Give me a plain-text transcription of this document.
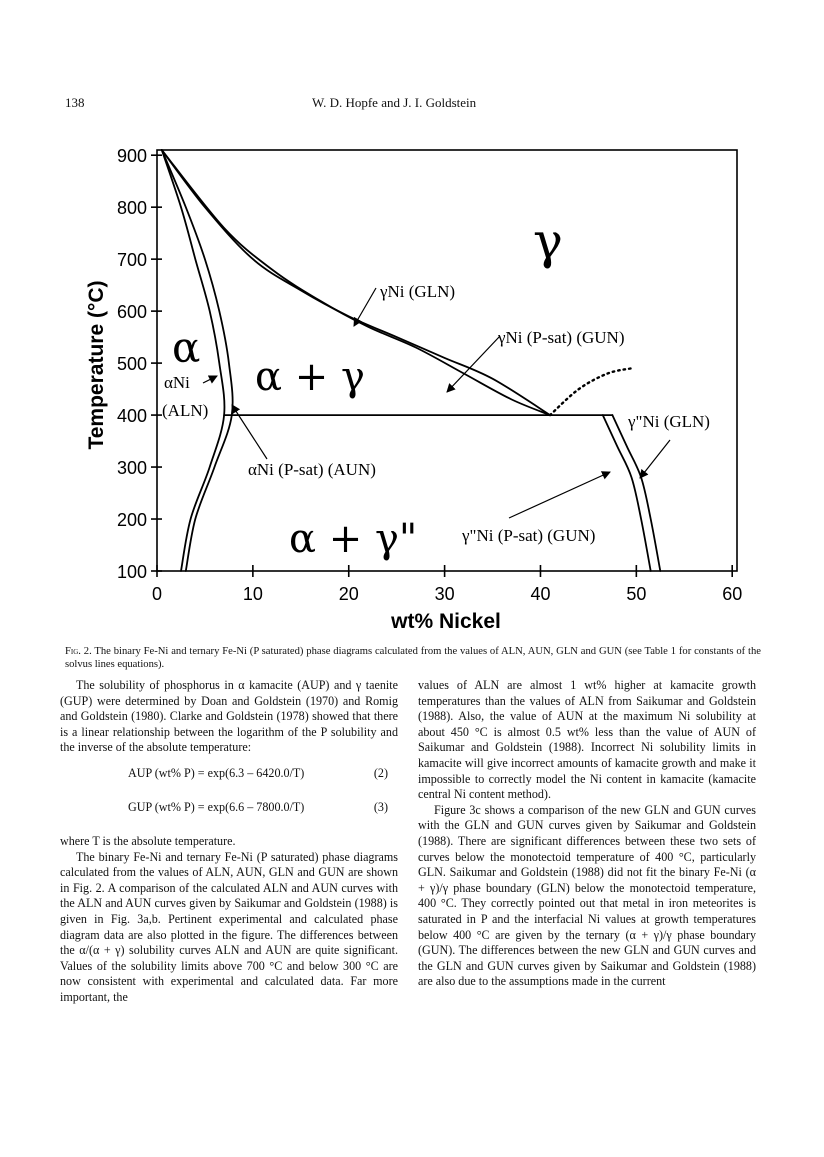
138	W. D. Hopfe and J. I. Goldstein
100
200
300
400
500
600
700
800
900
0	10	20	30	40	50	60
Temperature (°C)
wt% Nickel
γ
α
α + γ
α + γ"
γNi (GLN)
γNi (P-sat) (GUN)
αNi
(ALN)
αNi (P-sat) (AUN)
γ"Ni (GLN)
γ"Ni (P-sat) (GUN)
Fig. 2. The binary Fe-Ni and ternary Fe-Ni (P saturated) phase diagrams calculated from the values of ALN, AUN, GLN and GUN (see Table 1 for constants of the solvus lines equations).

The solubility of phosphorus in α kamacite (AUP) and γ taenite (GUP) were determined by Doan and Goldstein (1970) and Romig and Goldstein (1980). Clarke and Goldstein (1978) showed that there is a linear relationship between the logarithm of the P solubility and the inverse of the absolute temperature:

AUP (wt% P) = exp(6.3 – 6420.0/T)	(2)
GUP (wt% P) = exp(6.6 – 7800.0/T)	(3)

where T is the absolute temperature.

The binary Fe-Ni and ternary Fe-Ni (P saturated) phase diagrams calculated from the values of ALN, AUN, GLN and GUN are shown in Fig. 2. A comparison of the calculated ALN and AUN curves with the ALN and AUN curves given by Saikumar and Goldstein (1988) is given in Fig. 3a,b. Pertinent experimental and calculated phase diagram data are also plotted in the figure. The differences between the α/(α + γ) solubility curves ALN and AUN are quite significant. Values of the solubility limits above 700 °C and below 300 °C are now consistent with experimental and calculated data. Far more important, the

values of ALN are almost 1 wt% higher at kamacite growth temperatures than the values of ALN from Saikumar and Goldstein (1988). Also, the value of AUN at the maximum Ni solubility at about 450 °C is almost 0.5 wt% less than the value of AUN of Saikumar and Goldstein (1988). Incorrect Ni solubility limits in kamacite will give incorrect amounts of kamacite growth and make it impossible to correctly model the Ni content in kamacite (kamacite central Ni content method).

Figure 3c shows a comparison of the new GLN and GUN curves with the GLN and GUN curves given by Saikumar and Goldstein (1988). There are significant differences between these two sets of curves below the monotectoid temperature of 400 °C, particularly GLN. Saikumar and Goldstein (1988) did not fit the binary Fe-Ni (α + γ)/γ phase boundary (GLN) below the monotectoid temperature, 400 °C. They correctly pointed out that metal in iron meteorites is saturated in P and the interfacial Ni values at growth temperatures below 400 °C are given by the ternary (α + γ)/γ phase boundary (GUN). The differences between the new GLN and GUN curves and the GLN and GUN curves given by Saikumar and Goldstein (1988) are also due to the assumptions made in the current
